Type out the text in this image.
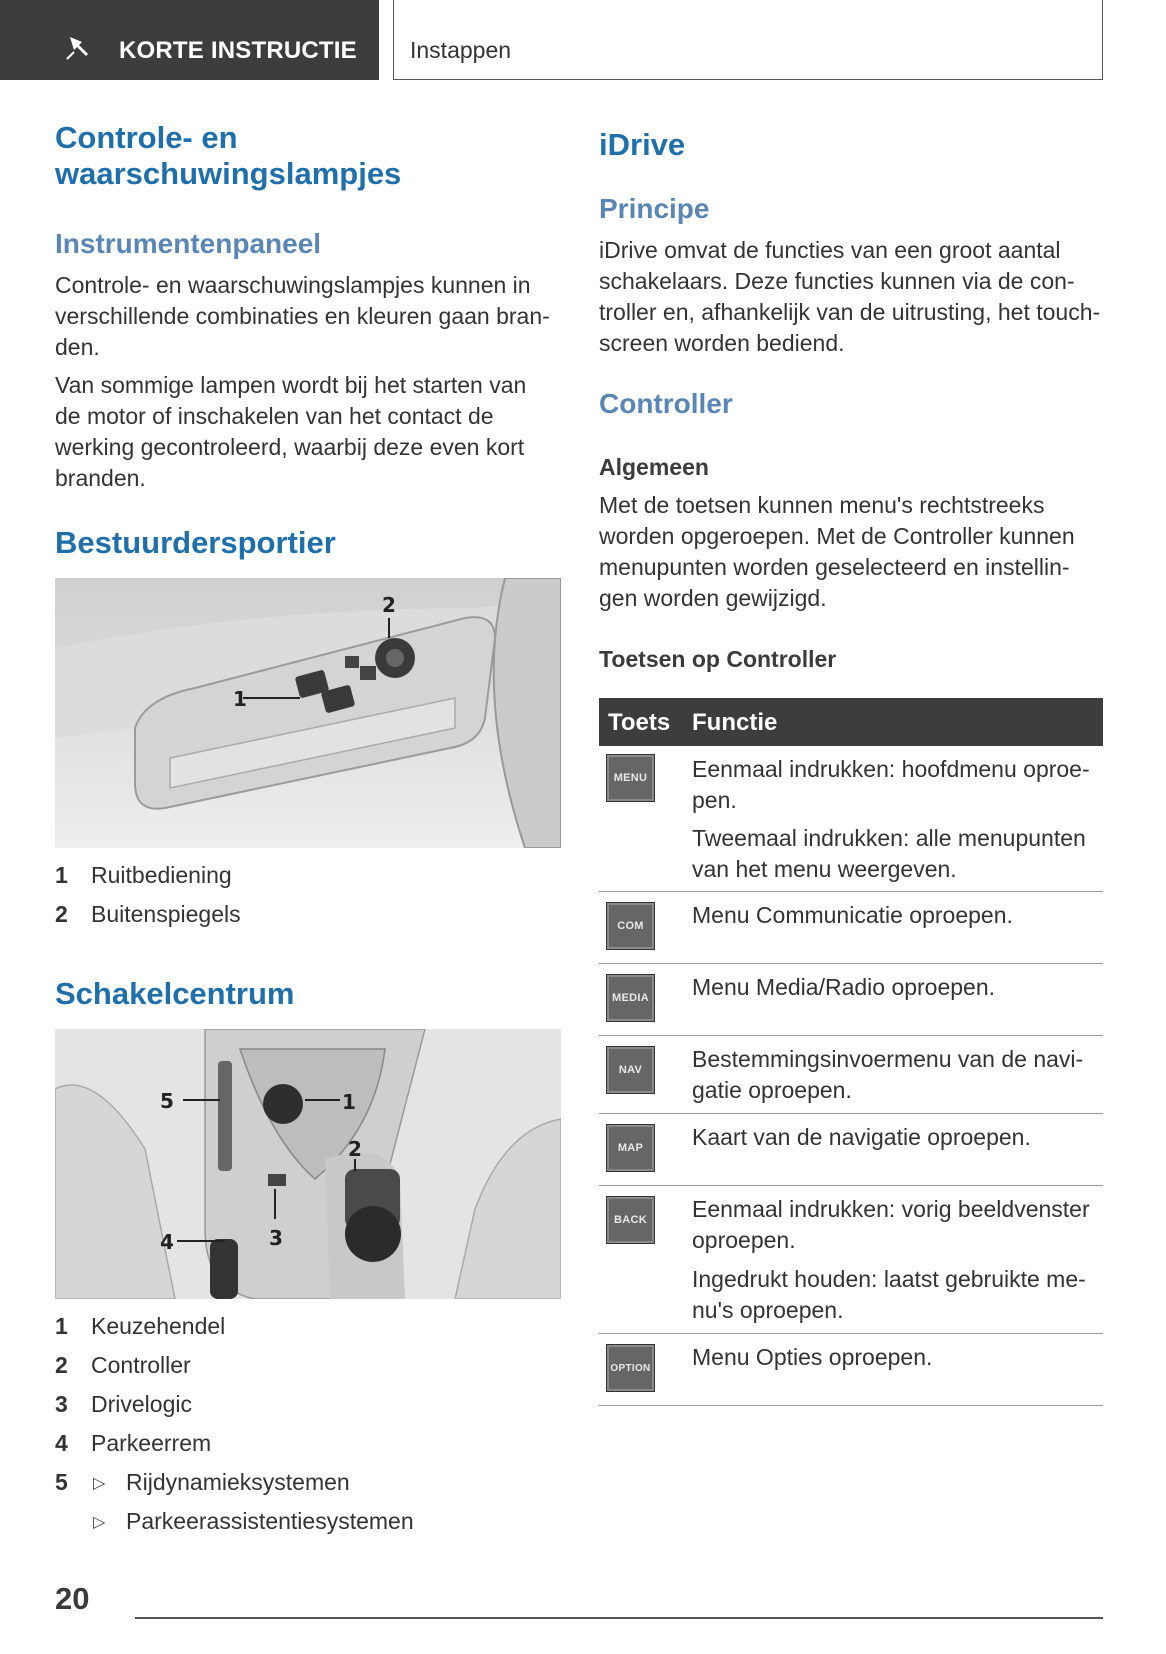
KORTE INSTRUCTIE Instappen
Controle- en
waarschuwingslampjes
Instrumentenpaneel

Controle- en waarschuwingslampjes kunnen in
verschillende combinaties en kleuren gaan bran-
den.

Van sommige lampen wordt bij het starten van
de motor of inschakelen van het contact de
werking gecontroleerd, waarbij deze even kort
branden.

Bestuurdersportier
1
2
1	Ruitbediening
2	Buitenspiegels
Schakelcentrum
1
2
3
4
5
1	Keuzehendel
2	Controller
3	Drivelogic
4	Parkeerrem
5	▷ Rijdynamieksystemen
▷ Parkeerassistentiesystemen
iDrive
Principe

iDrive omvat de functies van een groot aantal
schakelaars. Deze functies kunnen via de con-
troller en, afhankelijk van de uitrusting, het touch-
screen worden bediend.

Controller
Algemeen

Met de toetsen kunnen menu's rechtstreeks
worden opgeroepen. Met de Controller kunnen
menupunten worden geselecteerd en instellin-
gen worden gewijzigd.

Toetsen op Controller
Toets Functie
MENU	Eenmaal indrukken: hoofdmenu oproe-
pen.
Tweemaal indrukken: alle menupunten
van het menu weergeven.
COM	Menu Communicatie oproepen.
MEDIA Menu Media/Radio oproepen.
NAV	Bestemmingsinvoermenu van de navi-
gatie oproepen.
MAP	Kaart van de navigatie oproepen.
BACK	Eenmaal indrukken: vorig beeldvenster
oproepen.
Ingedrukt houden: laatst gebruikte me-
nu's oproepen.
OPTION Menu Opties oproepen.
20
